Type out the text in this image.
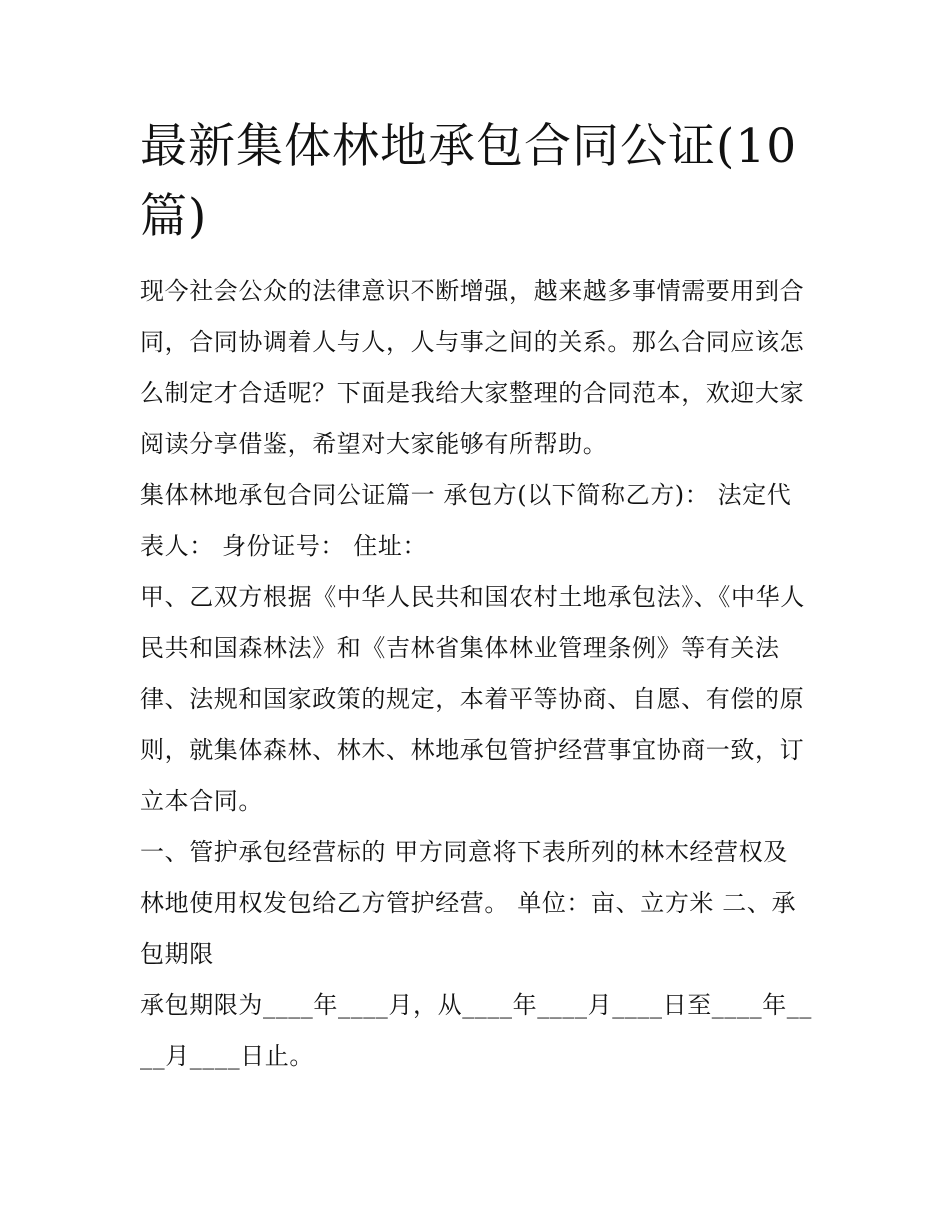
最新集体林地承包合同公证(10篇)

现今社会公众的法律意识不断增强，越来越多事情需要用到合同，合同协调着人与人，人与事之间的关系。那么合同应该怎么制定才合适呢？下面是我给大家整理的合同范本，欢迎大家阅读分享借鉴，希望对大家能够有所帮助。

集体林地承包合同公证篇一 承包方(以下简称乙方)： 法定代表人： 身份证号： 住址：

甲、乙双方根据《中华人民共和国农村土地承包法》、《中华人民共和国森林法》和《吉林省集体林业管理条例》等有关法律、法规和国家政策的规定，本着平等协商、自愿、有偿的原则，就集体森林、林木、林地承包管护经营事宜协商一致，订立本合同。

一、管护承包经营标的 甲方同意将下表所列的林木经营权及林地使用权发包给乙方管护经营。 单位：亩、立方米 二、承包期限

承包期限为____年____月，从____年____月____日至____年____月____日止。
